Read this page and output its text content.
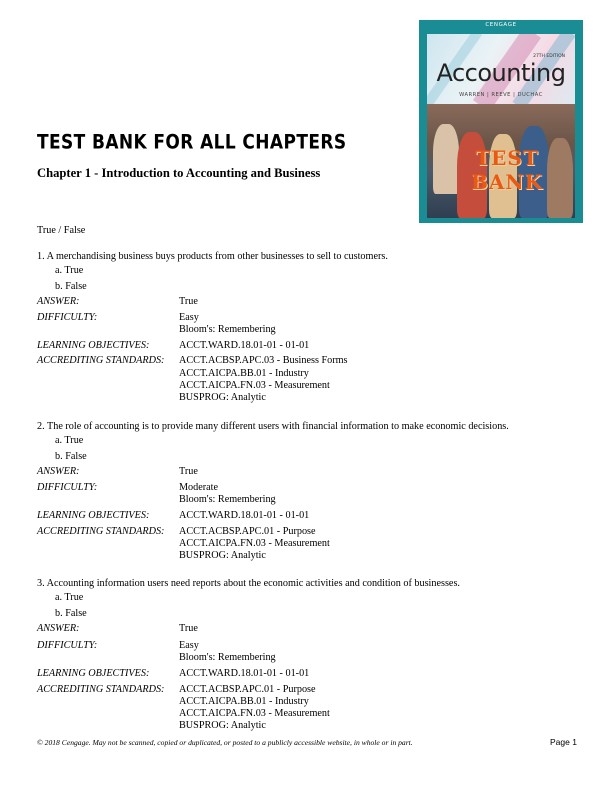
TEST BANK FOR ALL CHAPTERS
Chapter 1 - Introduction to Accounting and Business
True / False
CENGAGE
27TH EDITION
Accounting
WARREN | REEVE | DUCHAC
TEST BANK
1. A merchandising business buys products from other businesses to sell to customers.
a. True
b. False
ANSWER:	True
DIFFICULTY:	Easy
Bloom's: Remembering
LEARNING OBJECTIVES:	ACCT.WARD.18.01-01 - 01-01
ACCREDITING STANDARDS: ACCT.ACBSP.APC.03 - Business Forms
ACCT.AICPA.BB.01 - Industry
ACCT.AICPA.FN.03 - Measurement
BUSPROG: Analytic
2. The role of accounting is to provide many different users with financial information to make economic decisions.
a. True
b. False
ANSWER:	True
DIFFICULTY:	Moderate
Bloom's: Remembering
LEARNING OBJECTIVES:	ACCT.WARD.18.01-01 - 01-01
ACCREDITING STANDARDS: ACCT.ACBSP.APC.01 - Purpose
ACCT.AICPA.FN.03 - Measurement
BUSPROG: Analytic
3. Accounting information users need reports about the economic activities and condition of businesses.
a. True
b. False
ANSWER:	True
DIFFICULTY:	Easy
Bloom's: Remembering
LEARNING OBJECTIVES:	ACCT.WARD.18.01-01 - 01-01
ACCREDITING STANDARDS: ACCT.ACBSP.APC.01 - Purpose
ACCT.AICPA.BB.01 - Industry
ACCT.AICPA.FN.03 - Measurement
BUSPROG: Analytic
© 2018 Cengage. May not be scanned, copied or duplicated, or posted to a publicly accessible website, in whole or in part.	Page 1
